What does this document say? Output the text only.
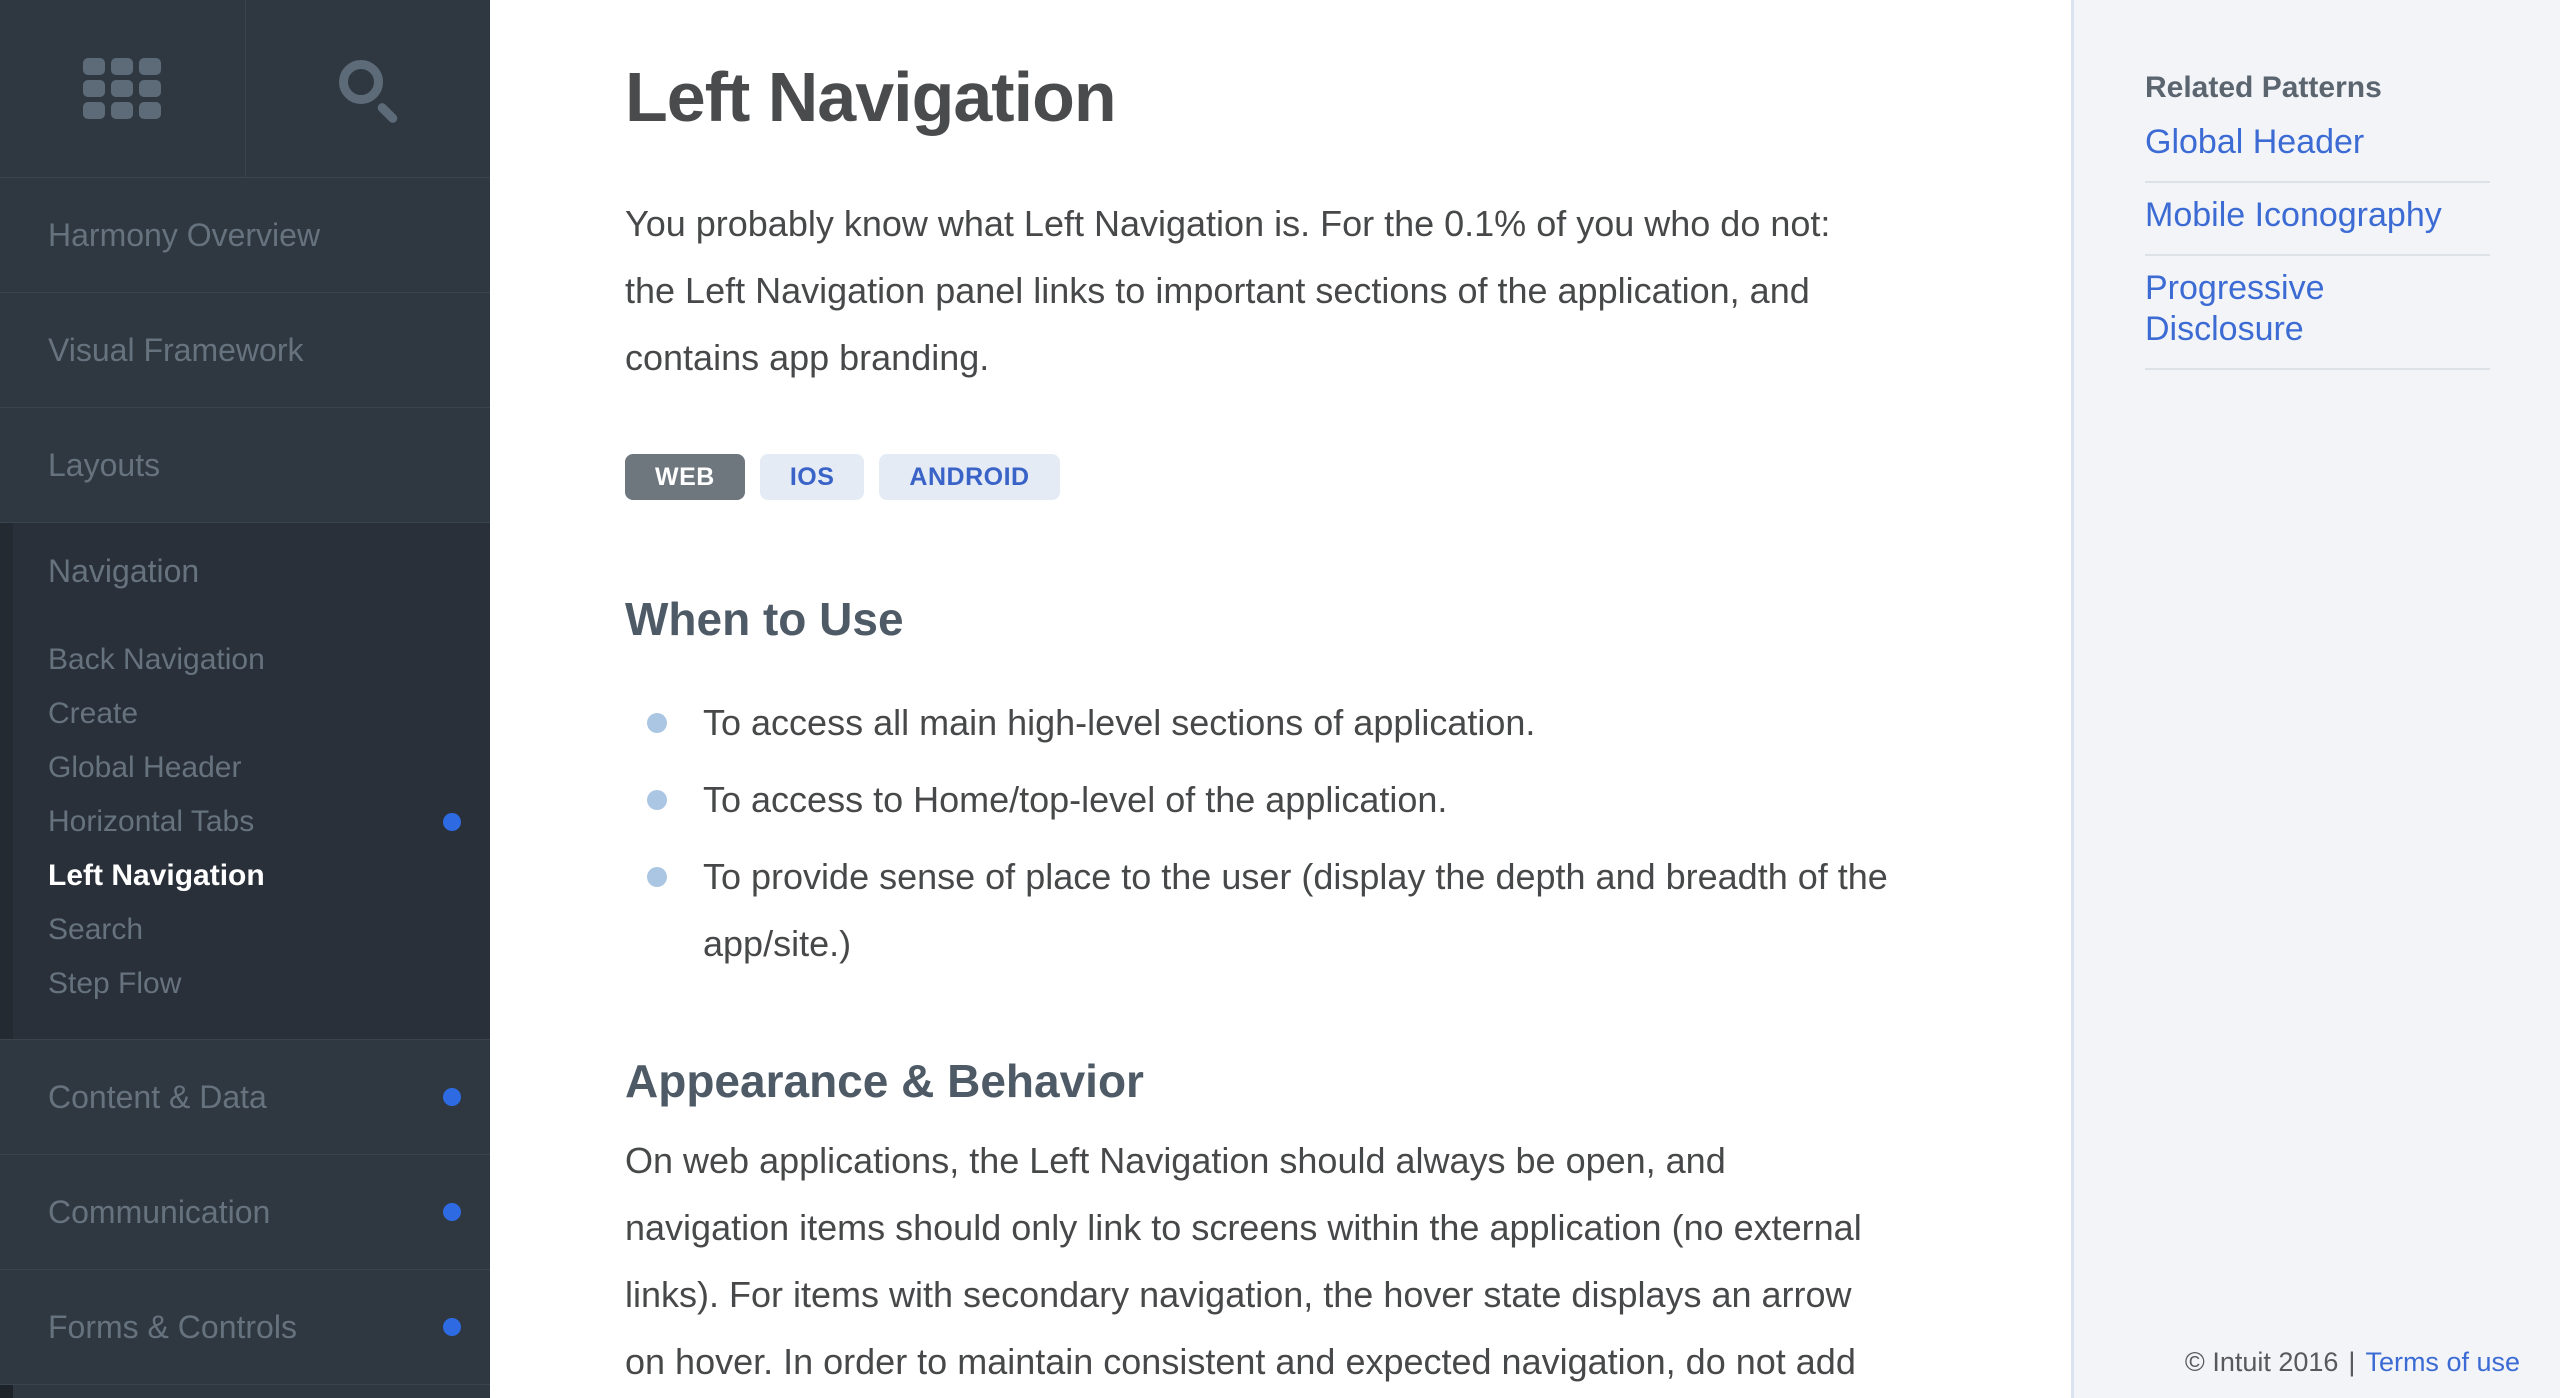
Harmony Overview
Visual Framework
Layouts
Navigation
Back Navigation
Create
Global Header
Horizontal Tabs
Left Navigation
Search
Step Flow
Content & Data
Communication
Forms & Controls
Left Navigation
You probably know what Left Navigation is. For the 0.1% of you who do not:
the Left Navigation panel links to important sections of the application, and
contains app branding.
WEB	IOS	ANDROID
When to Use
To access all main high-level sections of application.
To access to Home/top-level of the application.
To provide sense of place to the user (display the depth and breadth of the
app/site.)
Appearance & Behavior
On web applications, the Left Navigation should always be open, and
navigation items should only link to screens within the application (no external
links). For items with secondary navigation, the hover state displays an arrow
on hover. In order to maintain consistent and expected navigation, do not add
Related Patterns
Global Header
Mobile Iconography
Progressive Disclosure
© Intuit 2016 | Terms of use
